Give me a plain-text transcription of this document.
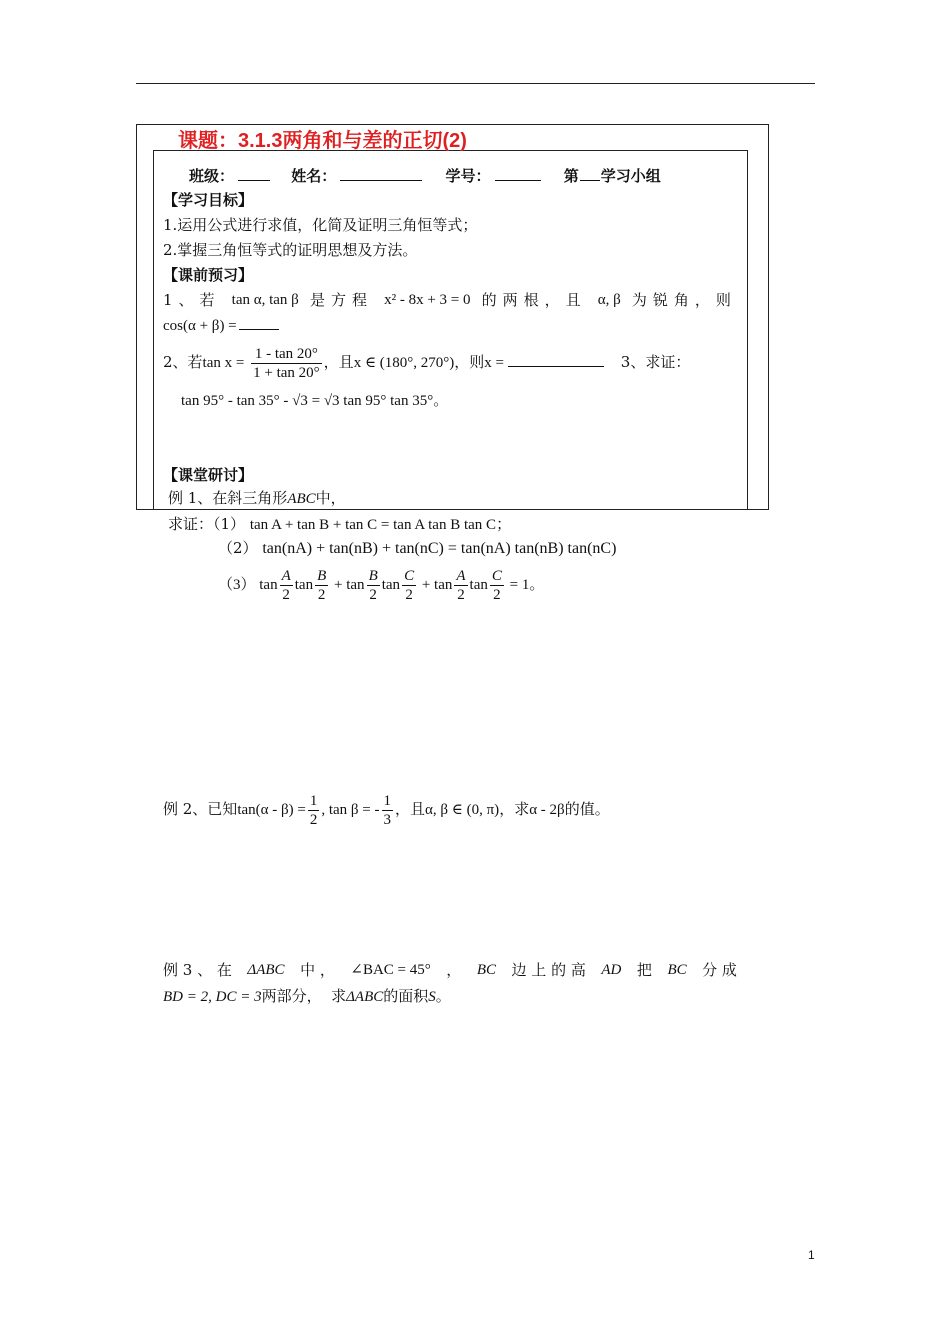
课题：3.1.3两角和与差的正切(2)
班级：	姓名：	学号：	第 学习小组
【学习目标】
1.运用公式进行求值，化简及证明三角恒等式；
2.掌握三角恒等式的证明思想及方法。
【课前预习】
1、若 tan α, tan β 是方程 x² - 8x + 3 = 0 的两根，且 α, β 为锐角，则
cos(α + β) =
2、若$\tan x = \frac{1 - \tan 20^\circ}{1 + \tan 20^\circ}$ ，且x ∈ (180°, 270°)，则x =	3、求证：
tan 95° - tan 35° - √3 = √3 tan 95° tan 35°。
【课堂研讨】
例 1、在斜三角形ABC中，
求证：（1） tan A + tan B + tan C = tan A tan B tan C；
（2） tan(nA) + tan(nB) + tan(nC) = tan(nA) tan(nB) tan(nC)
（3） $\tan \frac{A}{2}$ $\tan \frac{B}{2} + \tan \frac{B}{2}$ $\tan \frac{C}{2} + \tan \frac{A}{2}$ $\tan \frac{C}{2} = 1$。
例 2、已知$\tan(\alpha - \beta) = \frac{1}{2}$ , tan β = - $\frac{1}{3}$ ，且α, β ∈ (0, π)，求α - 2β的值。
例 3 、 在 ΔABC 中 ， ∠BAC = 45° ， BC 边 上 的 高 AD 把 BC 分 成
BD = 2, DC = 3两部分，  求ΔABC的面积S。
1
